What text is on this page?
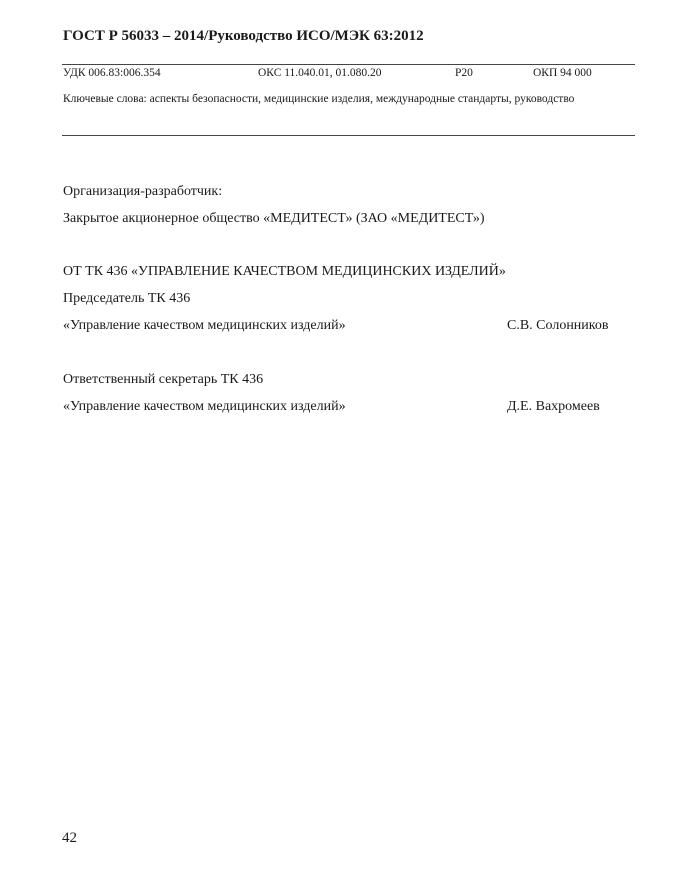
ГОСТ Р 56033 – 2014/Руководство ИСО/МЭК 63:2012
УДК 006.83:006.354	ОКС 11.040.01, 01.080.20	Р20	ОКП 94 000
Ключевые слова: аспекты безопасности, медицинские изделия, международные стандарты, руководство
Организация-разработчик:
Закрытое акционерное общество «МЕДИТЕСТ» (ЗАО «МЕДИТЕСТ»)
ОТ ТК 436 «УПРАВЛЕНИЕ КАЧЕСТВОМ МЕДИЦИНСКИХ ИЗДЕЛИЙ»
Председатель ТК 436
«Управление качеством медицинских изделий»	С.В. Солонников
Ответственный секретарь ТК 436
«Управление качеством медицинских изделий»	Д.Е. Вахромеев
42
